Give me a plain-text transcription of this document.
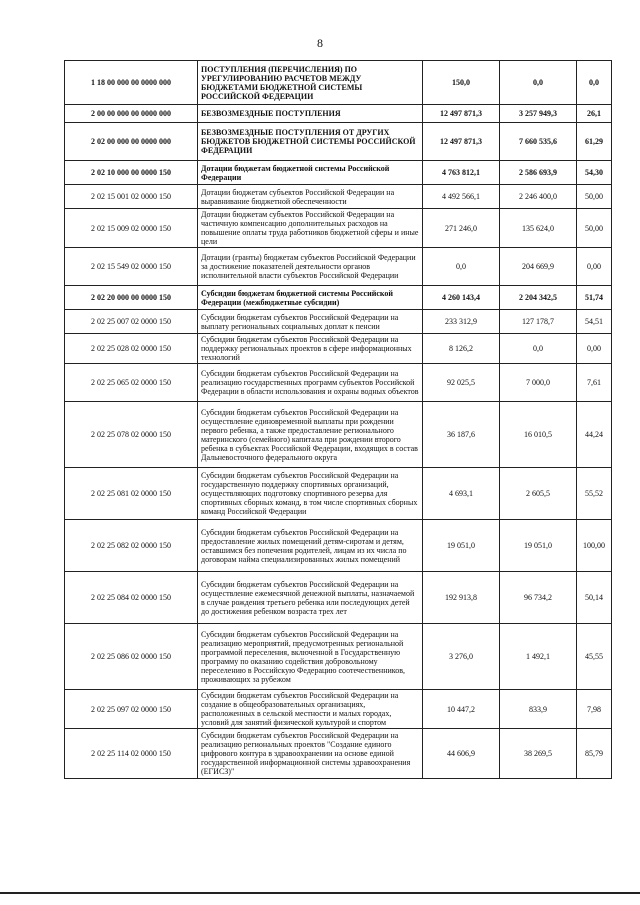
8
1 18 00 000 00 0000 000	ПОСТУПЛЕНИЯ (ПЕРЕЧИСЛЕНИЯ) ПО УРЕГУЛИРОВАНИЮ РАСЧЕТОВ МЕЖДУ БЮДЖЕТАМИ БЮДЖЕТНОЙ СИСТЕМЫ РОССИЙСКОЙ ФЕДЕРАЦИИ	150,0	0,0	0,0
2 00 00 000 00 0000 000	БЕЗВОЗМЕЗДНЫЕ ПОСТУПЛЕНИЯ	12 497 871,3	3 257 949,3	26,1
2 02 00 000 00 0000 000	БЕЗВОЗМЕЗДНЫЕ ПОСТУПЛЕНИЯ ОТ ДРУГИХ БЮДЖЕТОВ БЮДЖЕТНОЙ СИСТЕМЫ РОССИЙСКОЙ ФЕДЕРАЦИИ	12 497 871,3	7 660 535,6	61,29
2 02 10 000 00 0000 150	Дотации бюджетам бюджетной системы Российской Федерации	4 763 812,1	2 586 693,9	54,30
2 02 15 001 02 0000 150	Дотации бюджетам субъектов Российской Федерации на выравнивание бюджетной обеспеченности	4 492 566,1	2 246 400,0	50,00
2 02 15 009 02 0000 150	Дотации бюджетам субъектов Российской Федерации на частичную компенсацию дополнительных расходов на повышение оплаты труда работников бюджетной сферы и иные цели	271 246,0	135 624,0	50,00
2 02 15 549 02 0000 150	Дотации (гранты) бюджетам субъектов Российской Федерации за достижение показателей деятельности органов исполнительной власти субъектов Российской Федерации	0,0	204 669,9	0,00
2 02 20 000 00 0000 150	Субсидии бюджетам бюджетной системы Российской Федерации (межбюджетные субсидии)	4 260 143,4	2 204 342,5	51,74
2 02 25 007 02 0000 150	Субсидии бюджетам субъектов Российской Федерации на выплату региональных социальных доплат к пенсии	233 312,9	127 178,7	54,51
2 02 25 028 02 0000 150	Субсидии бюджетам субъектов Российской Федерации на поддержку региональных проектов в сфере информационных технологий	8 126,2	0,0	0,00
2 02 25 065 02 0000 150	Субсидии бюджетам субъектов Российской Федерации на реализацию государственных программ субъектов Российской Федерации в области использования и охраны водных объектов	92 025,5	7 000,0	7,61
2 02 25 078 02 0000 150	Субсидии бюджетам субъектов Российской Федерации на осуществление единовременной выплаты при рождении первого ребенка, а также предоставление регионального материнского (семейного) капитала при рождении второго ребенка в субъектах Российской Федерации, входящих в состав Дальневосточного федерального округа	36 187,6	16 010,5	44,24
2 02 25 081 02 0000 150	Субсидии бюджетам субъектов Российской Федерации на государственную поддержку спортивных организаций, осуществляющих подготовку спортивного резерва для спортивных сборных команд, в том числе спортивных сборных команд Российской Федерации	4 693,1	2 605,5	55,52
2 02 25 082 02 0000 150	Субсидии бюджетам субъектов Российской Федерации на предоставление жилых помещений детям-сиротам и детям, оставшимся без попечения родителей, лицам из их числа по договорам найма специализированных жилых помещений	19 051,0	19 051,0	100,00
2 02 25 084 02 0000 150	Субсидии бюджетам субъектов Российской Федерации на осуществление ежемесячной денежной выплаты, назначаемой в случае рождения третьего ребенка или последующих детей до достижения ребенком возраста трех лет	192 913,8	96 734,2	50,14
2 02 25 086 02 0000 150	Субсидии бюджетам субъектов Российской Федерации на реализацию мероприятий, предусмотренных региональной программой переселения, включенной в Государственную программу по оказанию содействия добровольному переселению в Российскую Федерацию соотечественников, проживающих за рубежом	3 276,0	1 492,1	45,55
2 02 25 097 02 0000 150	Субсидии бюджетам субъектов Российской Федерации на создание в общеобразовательных организациях, расположенных в сельской местности и малых городах, условий для занятий физической культурой и спортом	10 447,2	833,9	7,98
2 02 25 114 02 0000 150	Субсидии бюджетам субъектов Российской Федерации на реализацию региональных проектов "Создание единого цифрового контура в здравоохранении на основе единой государственной информационной системы здравоохранения (ЕГИСЗ)"	44 606,9	38 269,5	85,79
